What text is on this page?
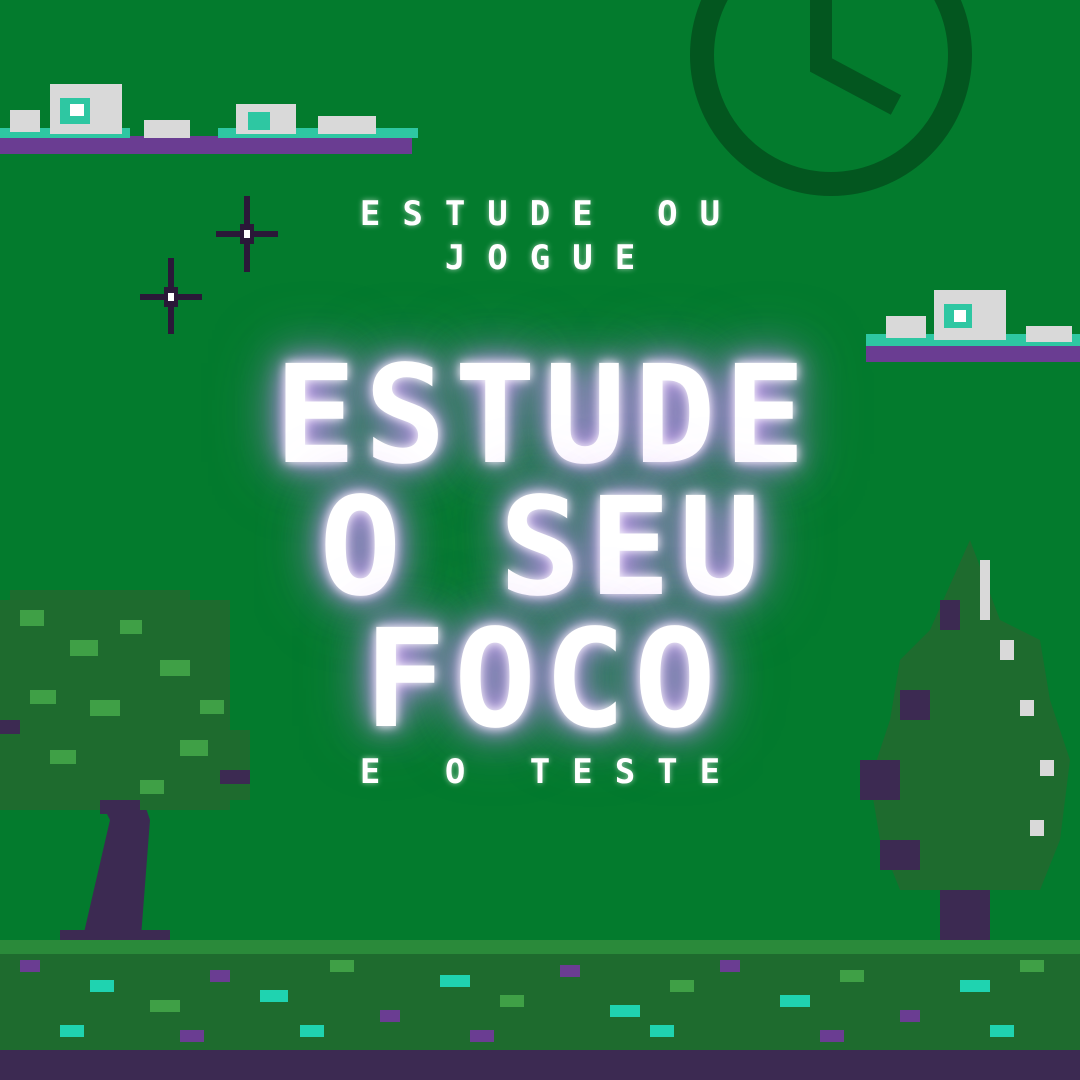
ESTUDE OU
JOGUE
ESTUDE
O SEU
FOCO
E O TESTE
